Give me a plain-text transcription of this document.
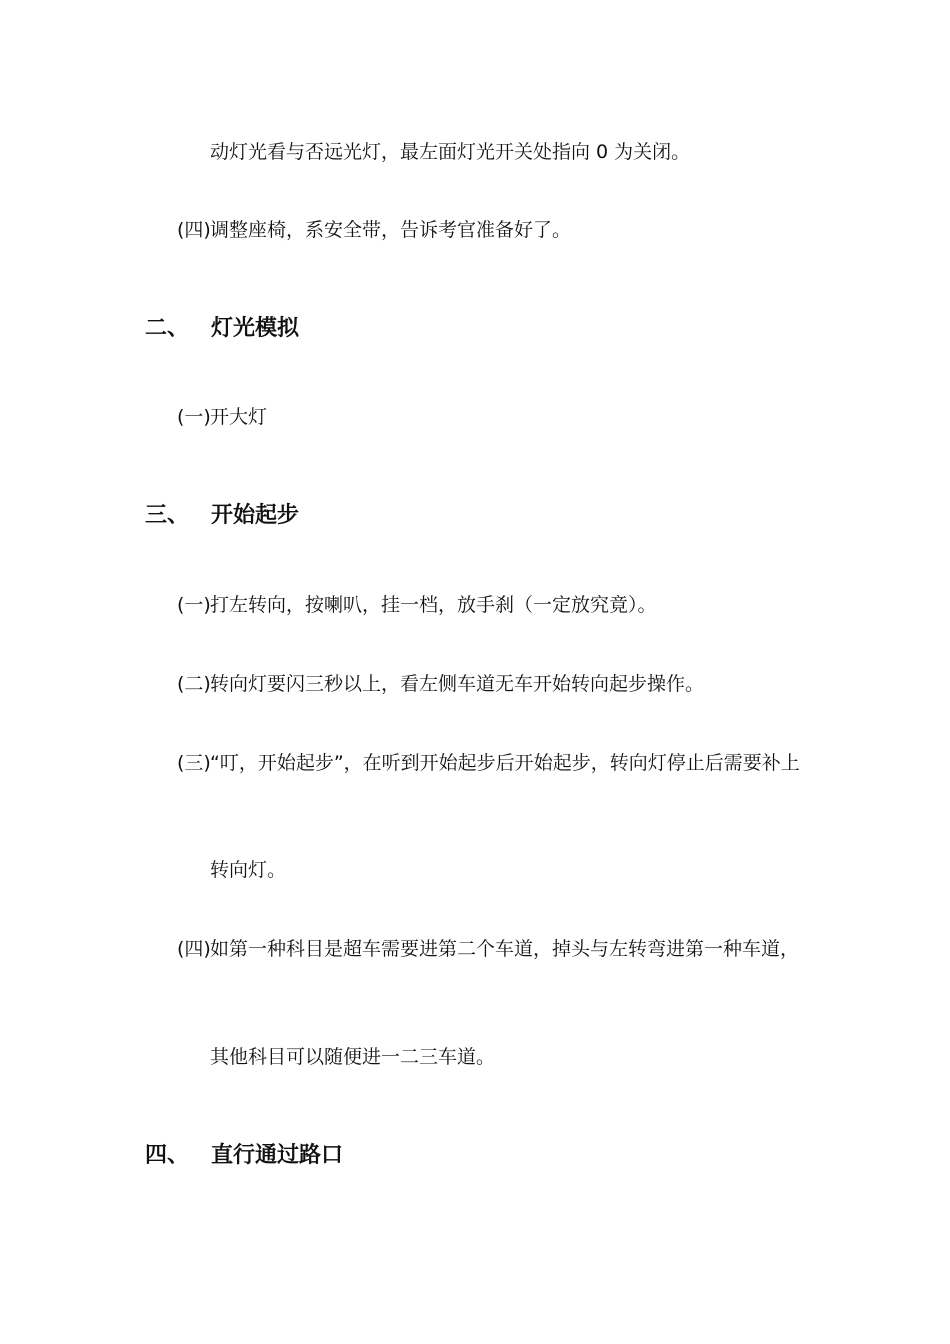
动灯光看与否远光灯，最左面灯光开关处指向 0 为关闭。
(四)调整座椅，系安全带，告诉考官准备好了。
二、 灯光模拟
(一)开大灯
三、 开始起步
(一)打左转向，按喇叭，挂一档，放手刹（一定放究竟）。
(二)转向灯要闪三秒以上，看左侧车道无车开始转向起步操作。
(三)“叮，开始起步”，在听到开始起步后开始起步，转向灯停止后需要补上
转向灯。
(四)如第一种科目是超车需要进第二个车道，掉头与左转弯进第一种车道，
其他科目可以随便进一二三车道。
四、 直行通过路口
